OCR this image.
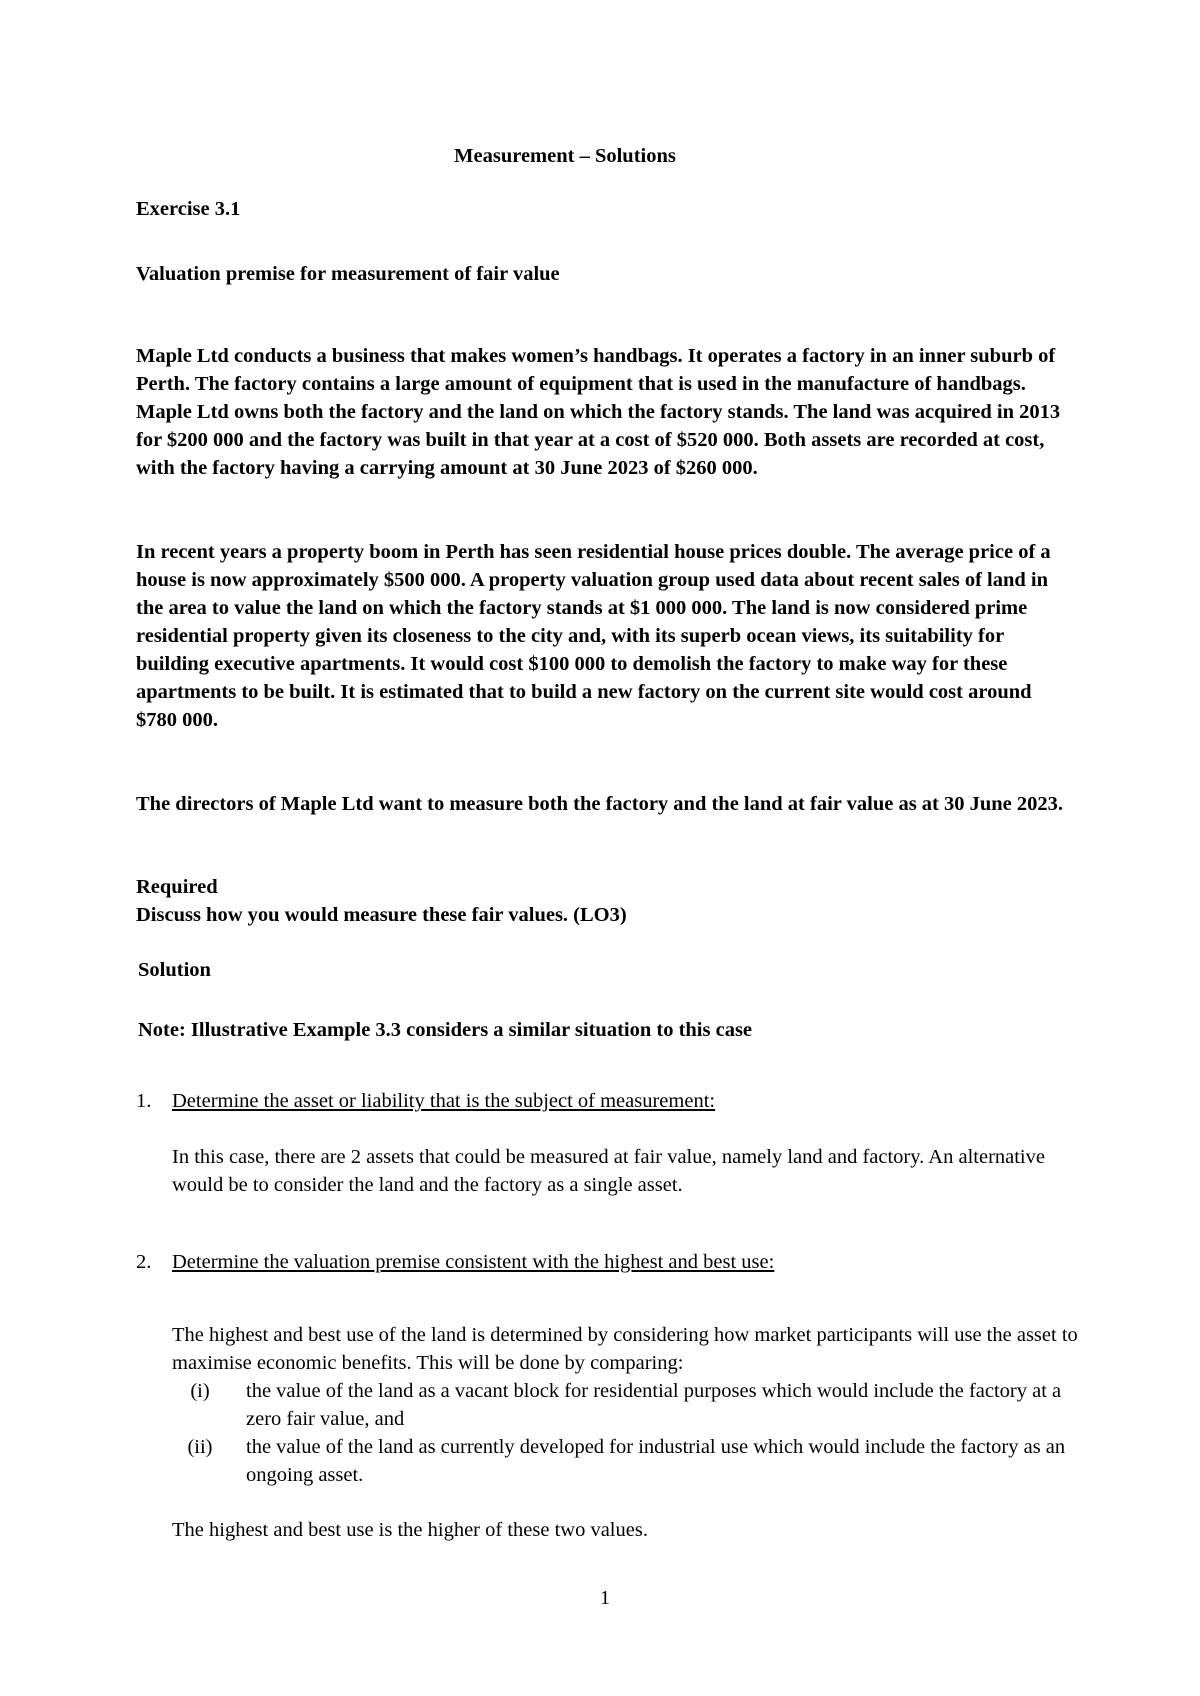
Measurement – Solutions
Exercise 3.1
Valuation premise for measurement of fair value

Maple Ltd conducts a business that makes women’s handbags. It operates a factory in an inner suburb of Perth. The factory contains a large amount of equipment that is used in the manufacture of handbags. Maple Ltd owns both the factory and the land on which the factory stands. The land was acquired in 2013 for $200 000 and the factory was built in that year at a cost of $520 000. Both assets are recorded at cost, with the factory having a carrying amount at 30 June 2023 of $260 000.

In recent years a property boom in Perth has seen residential house prices double. The average price of a house is now approximately $500 000. A property valuation group used data about recent sales of land in the area to value the land on which the factory stands at $1 000 000. The land is now considered prime residential property given its closeness to the city and, with its superb ocean views, its suitability for building executive apartments. It would cost $100 000 to demolish the factory to make way for these apartments to be built. It is estimated that to build a new factory on the current site would cost around $780 000.

The directors of Maple Ltd want to measure both the factory and the land at fair value as at 30 June 2023.

Required
Discuss how you would measure these fair values. (LO3)
Solution
Note: Illustrative Example 3.3 considers a similar situation to this case
1.	Determine the asset or liability that is the subject of measurement:

In this case, there are 2 assets that could be measured at fair value, namely land and factory. An alternative would be to consider the land and the factory as a single asset.

2.	Determine the valuation premise consistent with the highest and best use:

The highest and best use of the land is determined by considering how market participants will use the asset to maximise economic benefits. This will be done by comparing:

(i)	the value of the land as a vacant block for residential purposes which would include the factory at a zero fair value, and
(ii)	the value of the land as currently developed for industrial use which would include the factory as an ongoing asset.

The highest and best use is the higher of these two values.

1
